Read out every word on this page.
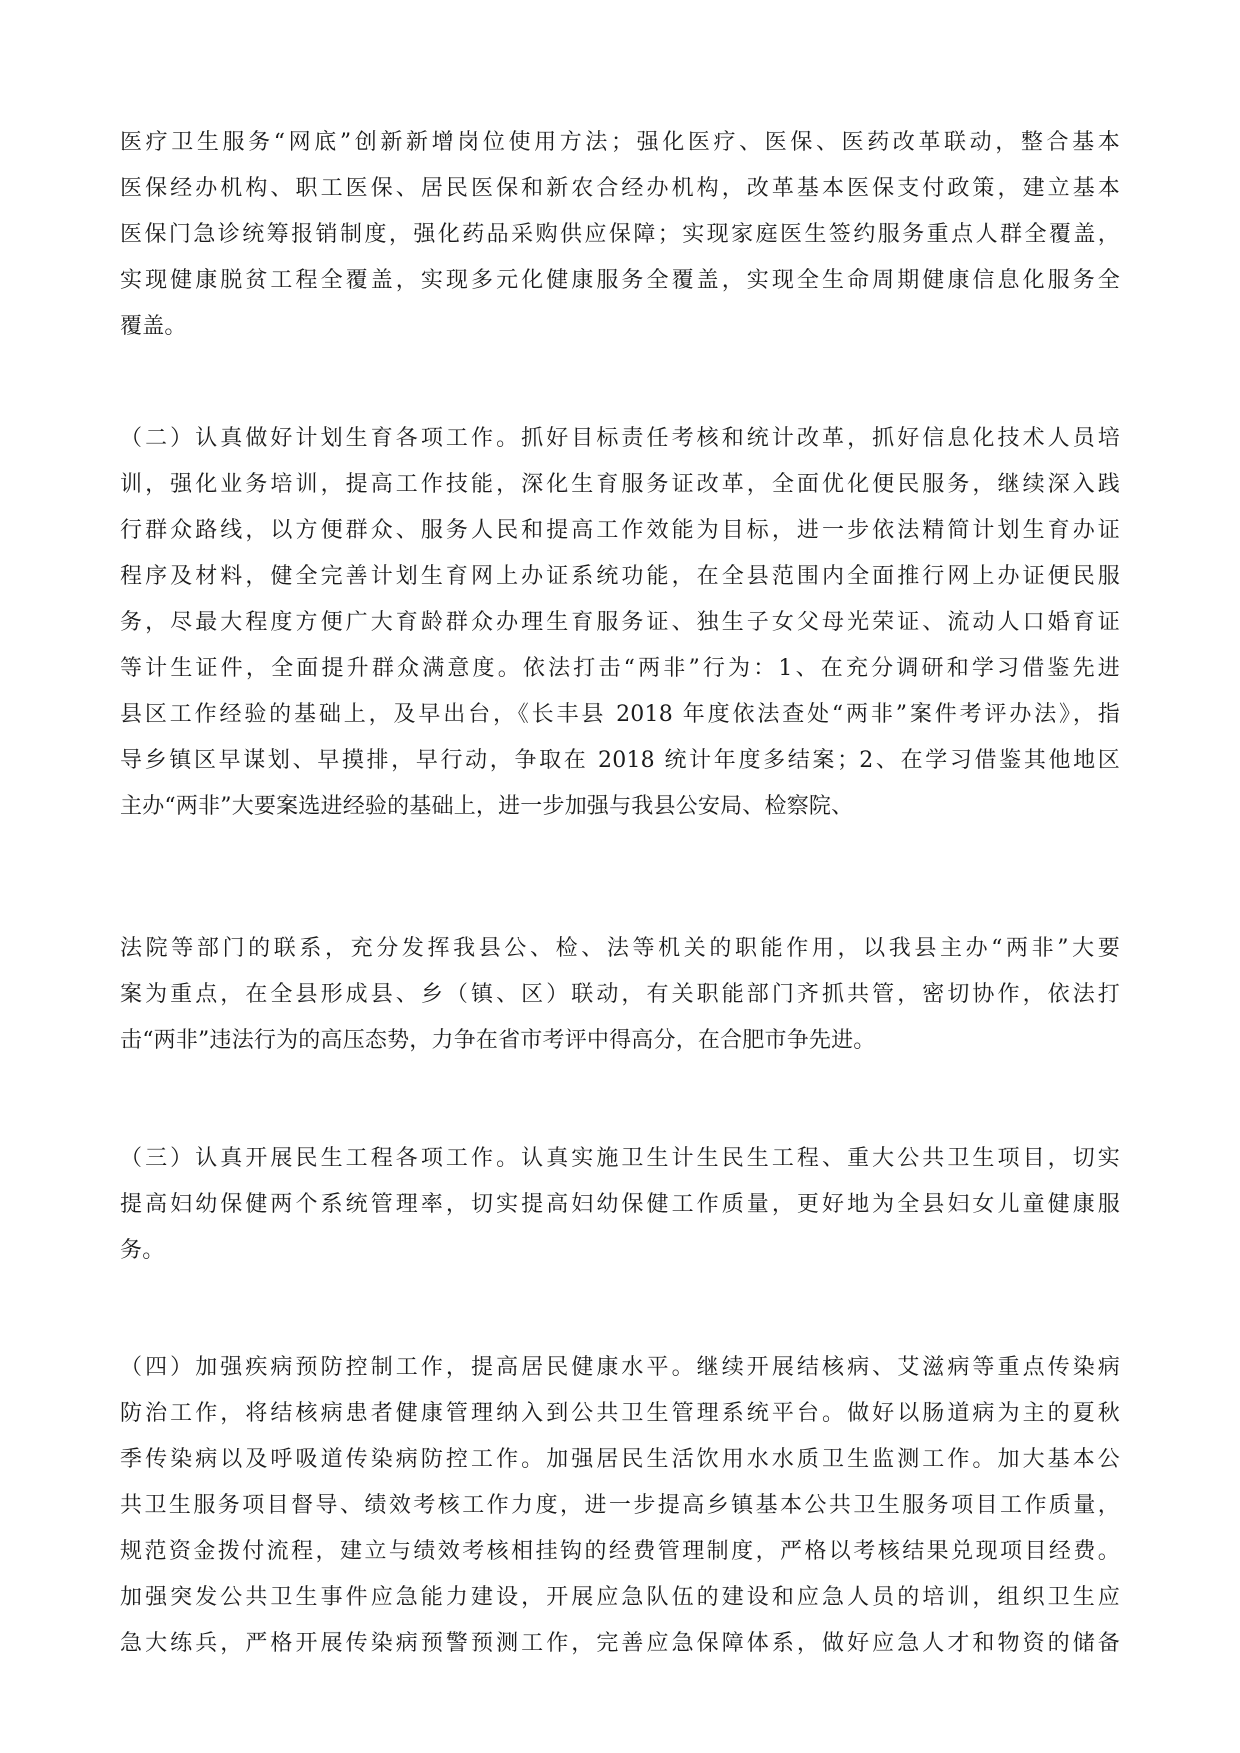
医疗卫生服务“网底”创新新增岗位使用方法；强化医疗、医保、医药改革联动，整合基本
医保经办机构、职工医保、居民医保和新农合经办机构，改革基本医保支付政策，建立基本
医保门急诊统筹报销制度，强化药品采购供应保障；实现家庭医生签约服务重点人群全覆盖，
实现健康脱贫工程全覆盖，实现多元化健康服务全覆盖，实现全生命周期健康信息化服务全
覆盖。
（二）认真做好计划生育各项工作。抓好目标责任考核和统计改革，抓好信息化技术人员培
训，强化业务培训，提高工作技能，深化生育服务证改革，全面优化便民服务，继续深入践
行群众路线，以方便群众、服务人民和提高工作效能为目标，进一步依法精简计划生育办证
程序及材料，健全完善计划生育网上办证系统功能，在全县范围内全面推行网上办证便民服
务，尽最大程度方便广大育龄群众办理生育服务证、独生子女父母光荣证、流动人口婚育证
等计生证件，全面提升群众满意度。依法打击“两非”行为：1、在充分调研和学习借鉴先进
县区工作经验的基础上，及早出台，《长丰县 2018 年度依法查处“两非”案件考评办法》，指
导乡镇区早谋划、早摸排，早行动，争取在 2018 统计年度多结案；2、在学习借鉴其他地区
主办“两非”大要案选进经验的基础上，进一步加强与我县公安局、检察院、
法院等部门的联系，充分发挥我县公、检、法等机关的职能作用，以我县主办“两非”大要
案为重点，在全县形成县、乡（镇、区）联动，有关职能部门齐抓共管，密切协作，依法打
击“两非”违法行为的高压态势，力争在省市考评中得高分，在合肥市争先进。
（三）认真开展民生工程各项工作。认真实施卫生计生民生工程、重大公共卫生项目，切实
提高妇幼保健两个系统管理率，切实提高妇幼保健工作质量，更好地为全县妇女儿童健康服
务。
（四）加强疾病预防控制工作，提高居民健康水平。继续开展结核病、艾滋病等重点传染病
防治工作，将结核病患者健康管理纳入到公共卫生管理系统平台。做好以肠道病为主的夏秋
季传染病以及呼吸道传染病防控工作。加强居民生活饮用水水质卫生监测工作。加大基本公
共卫生服务项目督导、绩效考核工作力度，进一步提高乡镇基本公共卫生服务项目工作质量，
规范资金拨付流程，建立与绩效考核相挂钩的经费管理制度，严格以考核结果兑现项目经费。
加强突发公共卫生事件应急能力建设，开展应急队伍的建设和应急人员的培训，组织卫生应
急大练兵，严格开展传染病预警预测工作，完善应急保障体系，做好应急人才和物资的储备
